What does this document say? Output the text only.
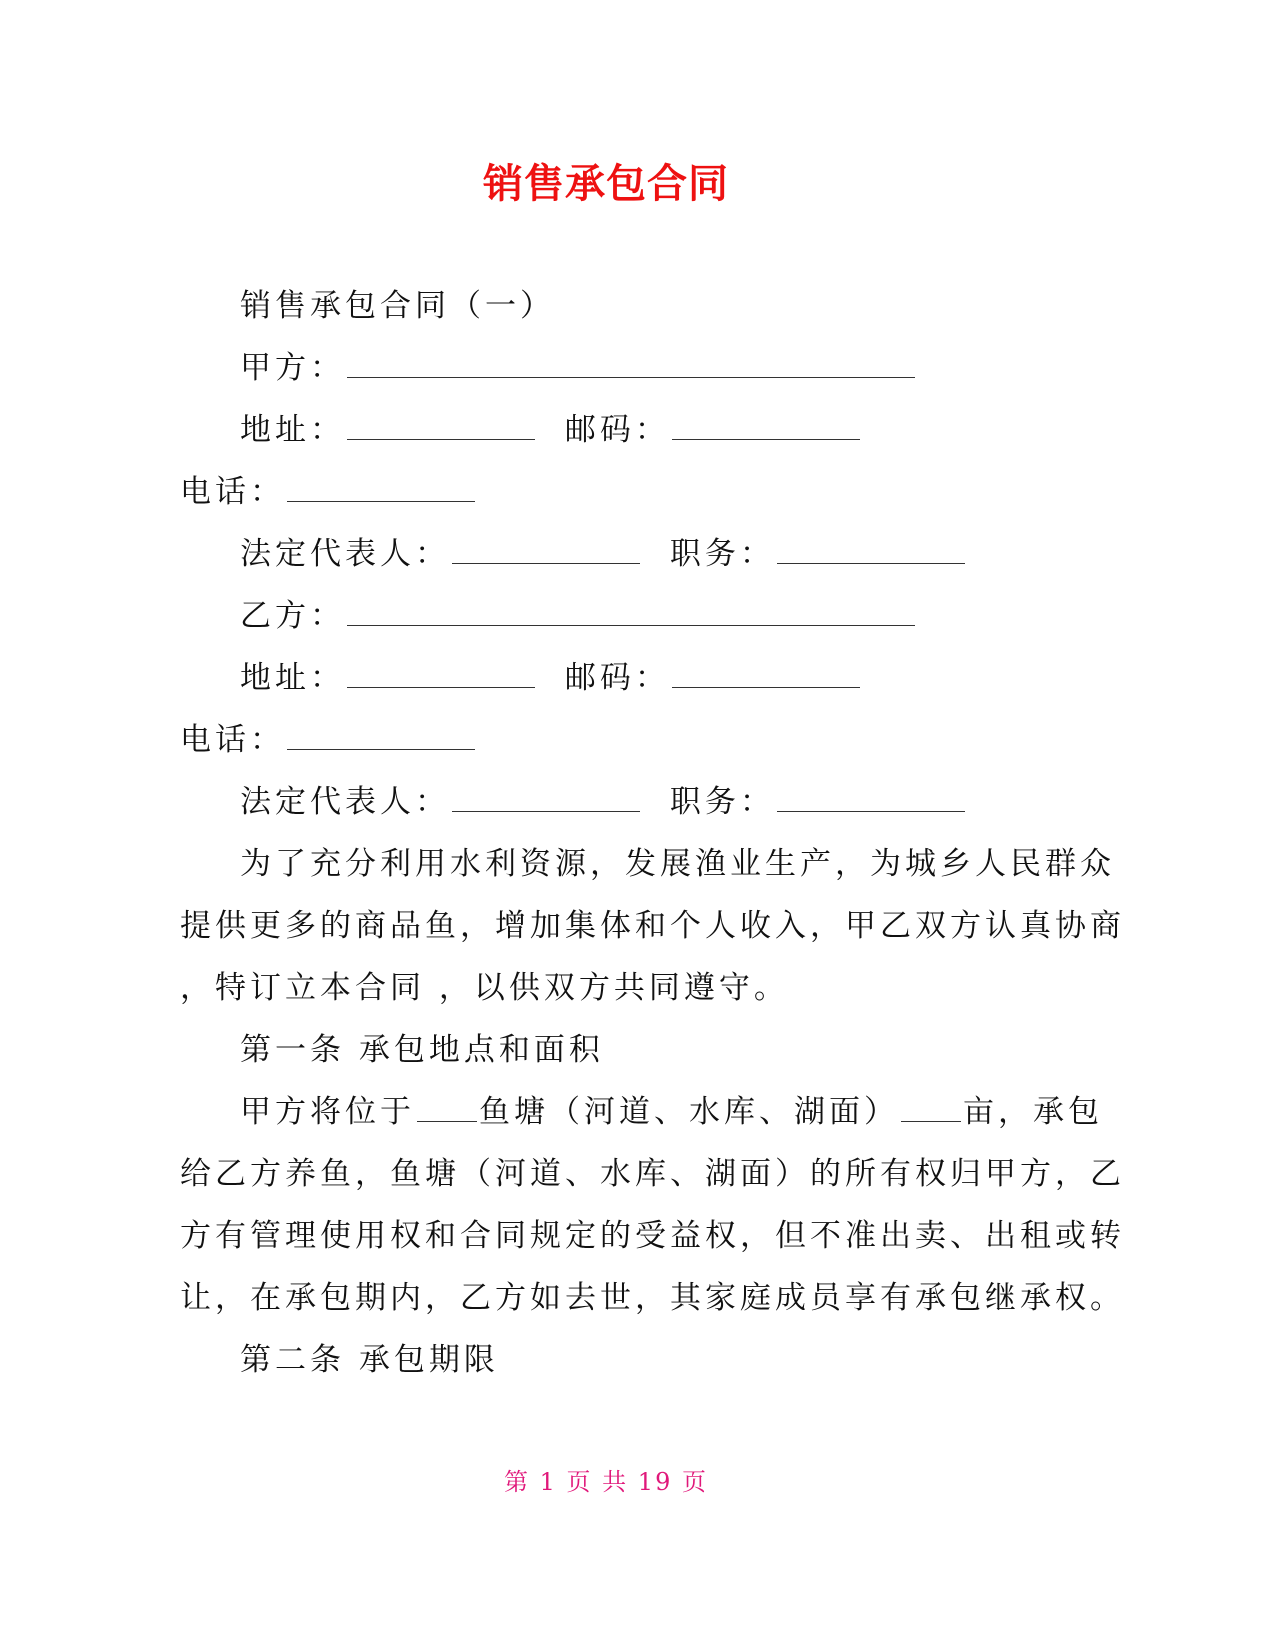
销售承包合同
销售承包合同（一）
甲方：
地址：	邮码：
电话：
法定代表人：	职务：
乙方：
地址：	邮码：
电话：
法定代表人：	职务：
为了充分利用水利资源，发展渔业生产，为城乡人民群众
提供更多的商品鱼，增加集体和个人收入，甲乙双方认真协商
，特订立本合同 ，以供双方共同遵守。
第一条 承包地点和面积
甲方将位于 鱼塘（河道、水库、湖面） 亩，承包
给乙方养鱼，鱼塘（河道、水库、湖面）的所有权归甲方，乙
方有管理使用权和合同规定的受益权，但不准出卖、出租或转
让，在承包期内，乙方如去世，其家庭成员享有承包继承权。
第二条 承包期限
第 1 页 共 19 页
